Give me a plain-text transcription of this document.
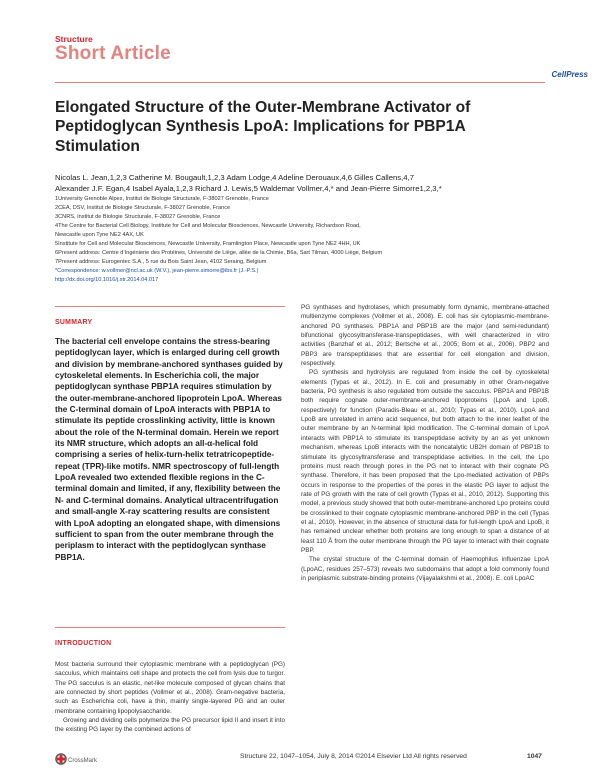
Structure
Short Article
CellPress
Elongated Structure of the Outer-Membrane Activator of Peptidoglycan Synthesis LpoA: Implications for PBP1A Stimulation
Nicolas L. Jean,1,2,3 Catherine M. Bougault,1,2,3 Adam Lodge,4 Adeline Derouaux,4,6 Gilles Callens,4,7
Alexander J.F. Egan,4 Isabel Ayala,1,2,3 Richard J. Lewis,5 Waldemar Vollmer,4,* and Jean-Pierre Simorre1,2,3,*
1University Grenoble Alpes, Institut de Biologie Structurale, F-38027 Grenoble, France
2CEA, DSV, Institut de Biologie Structurale, F-38027 Grenoble, France
3CNRS, Institut de Biologie Structurale, F-38027 Grenoble, France
4The Centre for Bacterial Cell Biology, Institute for Cell and Molecular Biosciences, Newcastle University, Richardson Road,
Newcastle upon Tyne NE2 4AX, UK
5Institute for Cell and Molecular Biosciences, Newcastle University, Framlington Place, Newcastle upon Tyne NE2 4HH, UK
6Present address: Centre d’Ingénierie des Protéines, Université de Liège, allée de la Chimie, B6a, Sart Tilman, 4000 Liège, Belgium
7Present address: Eurogentec S.A., 5 rue du Bois Saint Jean, 4102 Seraing, Belgium
*Correspondence: w.vollmer@ncl.ac.uk (W.V.), jean-pierre.simorre@ibs.fr (J.-P.S.)
http://dx.doi.org/10.1016/j.str.2014.04.017
SUMMARY
The bacterial cell envelope contains the stress-bearing peptidoglycan layer, which is enlarged during cell growth and division by membrane-anchored synthases guided by cytoskeletal elements. In Escherichia coli, the major peptidoglycan synthase PBP1A requires stimulation by the outer-membrane-anchored lipoprotein LpoA. Whereas the C-terminal domain of LpoA interacts with PBP1A to stimulate its peptide crosslinking activity, little is known about the role of the N-terminal domain. Herein we report its NMR structure, which adopts an all-α-helical fold comprising a series of helix-turn-helix tetratricopeptide-repeat (TPR)-like motifs. NMR spectroscopy of full-length LpoA revealed two extended flexible regions in the C-terminal domain and limited, if any, flexibility between the N- and C-terminal domains. Analytical ultracentrifugation and small-angle X-ray scattering results are consistent with LpoA adopting an elongated shape, with dimensions sufficient to span from the outer membrane through the periplasm to interact with the peptidoglycan synthase PBP1A.
INTRODUCTION

Most bacteria surround their cytoplasmic membrane with a peptidoglycan (PG) sacculus, which maintains cell shape and protects the cell from lysis due to turgor. The PG sacculus is an elastic, net-like molecule composed of glycan chains that are connected by short peptides (Vollmer et al., 2008). Gram-negative bacteria, such as Escherichia coli, have a thin, mainly single-layered PG and an outer membrane containing lipopolysaccharide.

Growing and dividing cells polymerize the PG precursor lipid II and insert it into the existing PG layer by the combined actions of

PG synthases and hydrolases, which presumably form dynamic, membrane-attached multienzyme complexes (Vollmer et al., 2008). E. coli has six cytoplasmic-membrane-anchored PG synthases. PBP1A and PBP1B are the major (and semi-redundant) bifunctional glycosyltransferase-transpeptidases, with well characterized in vitro activities (Banzhaf et al., 2012; Bertsche et al., 2005; Born et al., 2006). PBP2 and PBP3 are transpeptidases that are essential for cell elongation and division, respectively.

PG synthesis and hydrolysis are regulated from inside the cell by cytoskeletal elements (Typas et al., 2012). In E. coli and presumably in other Gram-negative bacteria, PG synthesis is also regulated from outside the sacculus. PBP1A and PBP1B both require cognate outer-membrane-anchored lipoproteins (LpoA and LpoB, respectively) for function (Paradis-Bleau et al., 2010; Typas et al., 2010). LpoA and LpoB are unrelated in amino acid sequence, but both attach to the inner leaflet of the outer membrane by an N-terminal lipid modification. The C-terminal domain of LpoA interacts with PBP1A to stimulate its transpeptidase activity by an as yet unknown mechanism, whereas LpoB interacts with the noncatalytic UB2H domain of PBP1B to stimulate its glycosyltransferase and transpeptidase activities. In the cell, the Lpo proteins must reach through pores in the PG net to interact with their cognate PG synthase. Therefore, it has been proposed that the Lpo-mediated activation of PBPs occurs in response to the properties of the pores in the elastic PG layer to adjust the rate of PG growth with the rate of cell growth (Typas et al., 2010, 2012). Supporting this model, a previous study showed that both outer-membrane-anchored Lpo proteins could be crosslinked to their cognate cytoplasmic membrane-anchored PBP in the cell (Typas et al., 2010). However, in the absence of structural data for full-length LpoA and LpoB, it has remained unclear whether both proteins are long enough to span a distance of at least 110 Å from the outer membrane through the PG layer to interact with their cognate PBP.

The crystal structure of the C-terminal domain of Haemophilus influenzae LpoA (LpoAC, residues 257–573) reveals two subdomains that adopt a fold commonly found in periplasmic substrate-binding proteins (Vijayalakshmi et al., 2008). E. coli LpoAC

CrossMark
Structure 22, 1047–1054, July 8, 2014 ©2014 Elsevier Ltd All rights reserved	1047
